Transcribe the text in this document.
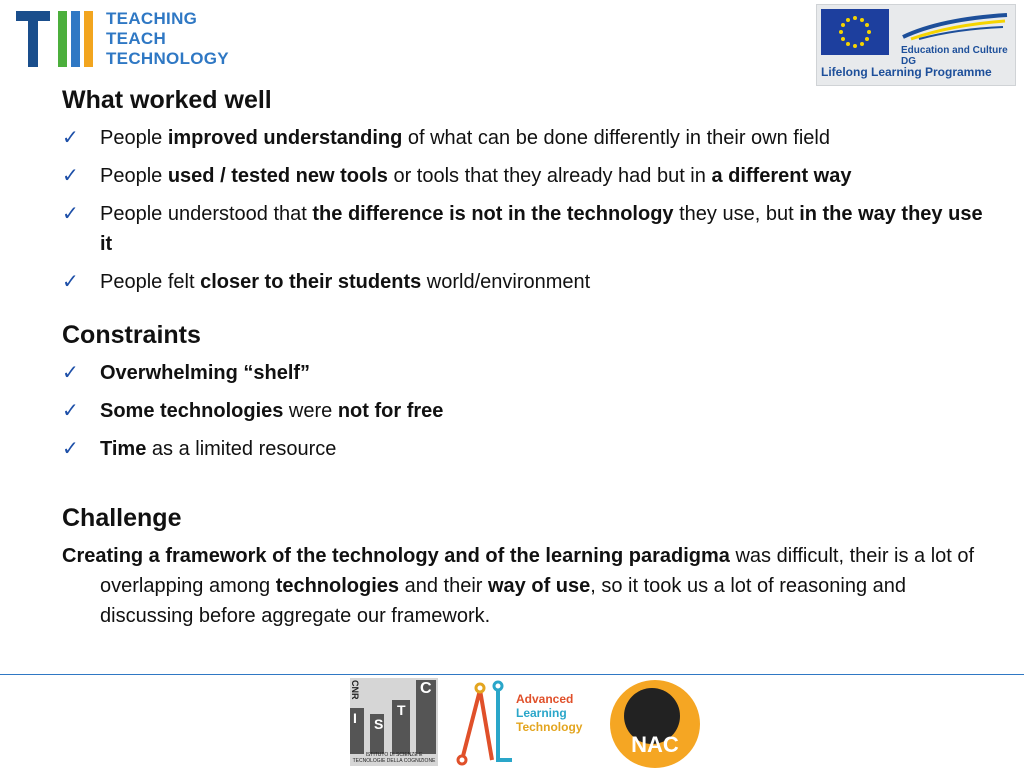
TEACHING
TEACH
TECHNOLOGY	Education and Culture DG
Lifelong Learning Programme
What worked well
✓ People improved understanding of what can be done differently in their own field
✓ People used / tested new tools or tools that they already had but in a different way
✓ People understood that the difference is not in the technology they use, but in the way they use it
✓ People felt closer to their students world/environment
Constraints
✓ Overwhelming “shelf”
✓ Some technologies were not for free
✓ Time as a limited resource
Challenge
Creating a framework of the technology and of the learning paradigma was difficult, their is a lot of overlapping among technologies and their way of use, so it took us a lot of reasoning and discussing before aggregate our framework.
CNR
I S
T
C
ISTITUTO DI SCIENZE E TECNOLOGIE DELLA COGNIZIONE
Advanced
Learning
Technology
NAC
